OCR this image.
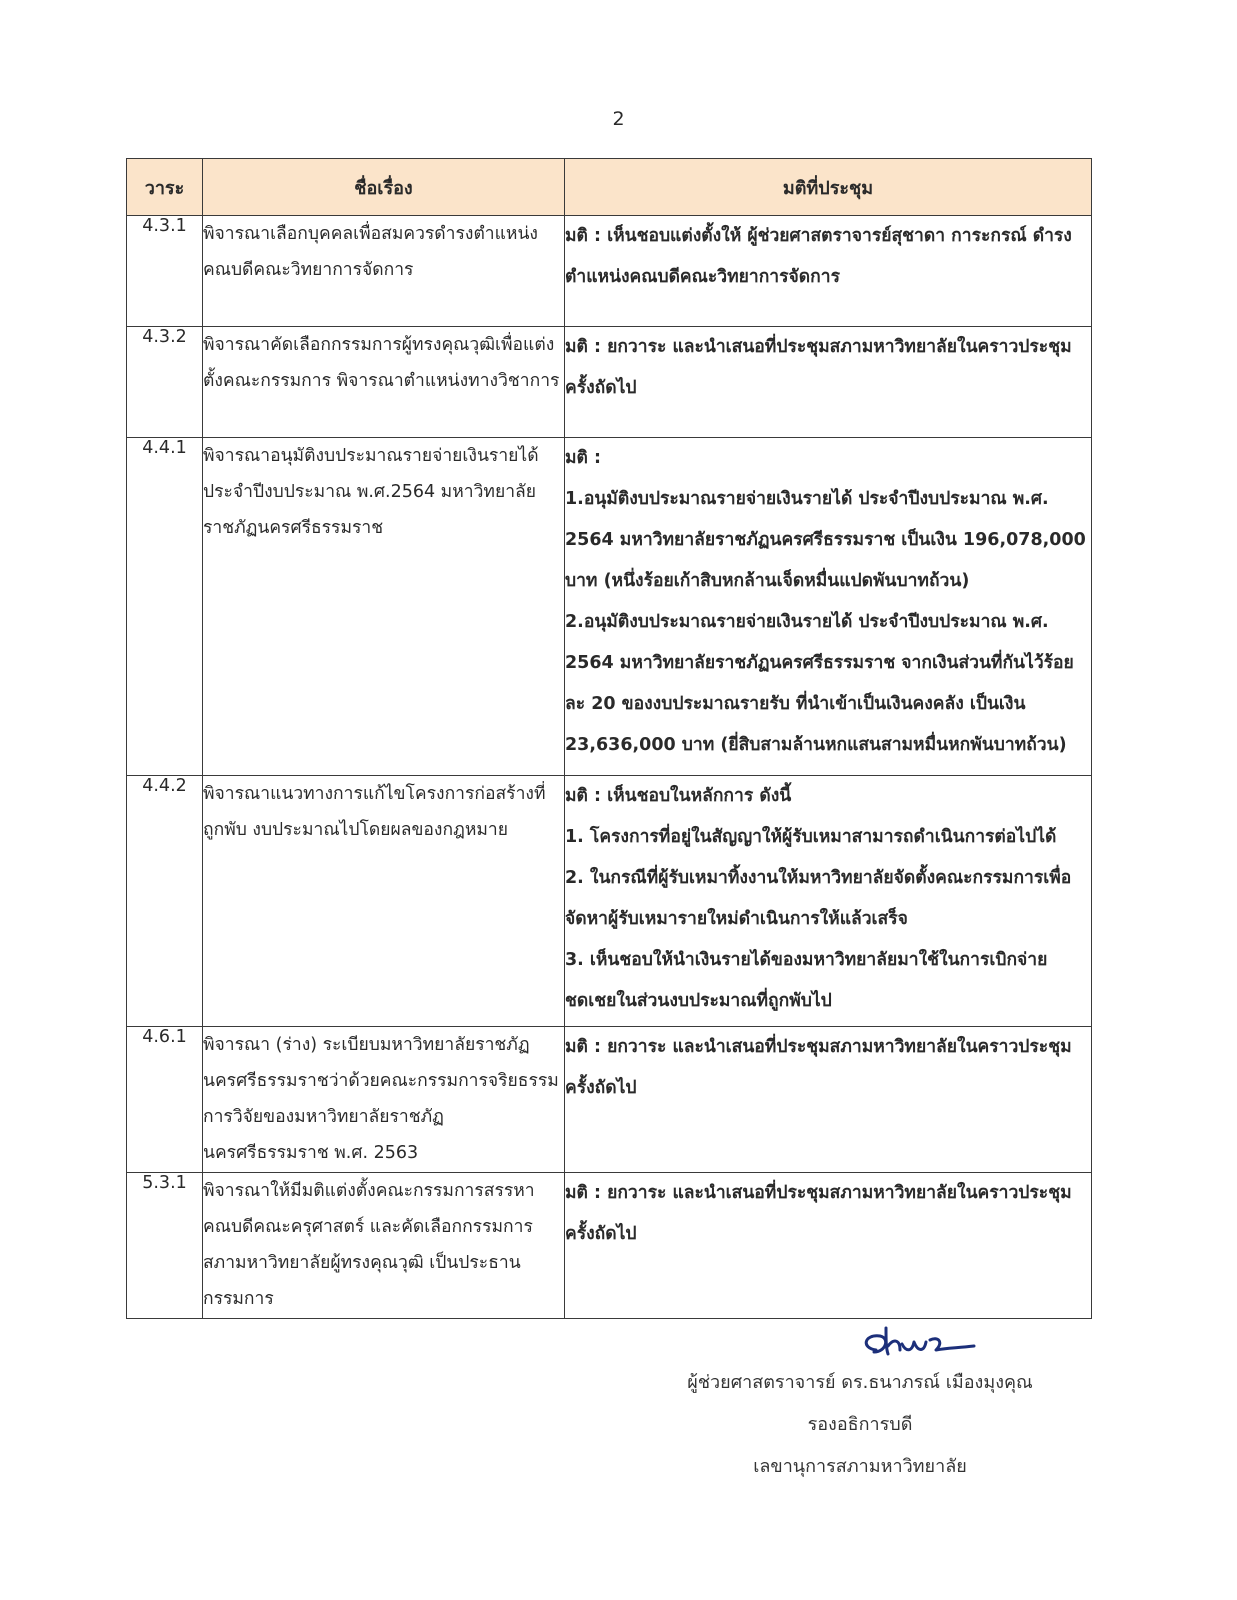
2
วาระ	ชื่อเรื่อง	มติที่ประชุม
4.3.1	พิจารณาเลือกบุคคลเพื่อสมควรดำรงตำแหน่งคณบดีคณะวิทยาการจัดการ	มติ : เห็นชอบแต่งตั้งให้ ผู้ช่วยศาสตราจารย์สุชาดา การะกรณ์ ดำรงตำแหน่งคณบดีคณะวิทยาการจัดการ

4.3.2	พิจารณาคัดเลือกกรรมการผู้ทรงคุณวุฒิเพื่อแต่งตั้งคณะกรรมการ พิจารณาตำแหน่งทางวิชาการ	มติ : ยกวาระ และนำเสนอที่ประชุมสภามหาวิทยาลัยในคราวประชุมครั้งถัดไป

4.4.1	พิจารณาอนุมัติงบประมาณรายจ่ายเงินรายได้ประจำปีงบประมาณ พ.ศ.2564 มหาวิทยาลัยราชภัฏนครศรีธรรมราช	มติ :
1.อนุมัติงบประมาณรายจ่ายเงินรายได้ ประจำปีงบประมาณ พ.ศ. 2564 มหาวิทยาลัยราชภัฏนครศรีธรรมราช เป็นเงิน 196,078,000 บาท (หนึ่งร้อยเก้าสิบหกล้านเจ็ดหมื่นแปดพันบาทถ้วน)
2.อนุมัติงบประมาณรายจ่ายเงินรายได้ ประจำปีงบประมาณ พ.ศ. 2564 มหาวิทยาลัยราชภัฏนครศรีธรรมราช จากเงินส่วนที่กันไว้ร้อยละ 20 ของงบประมาณรายรับ ที่นำเข้าเป็นเงินคงคลัง เป็นเงิน 23,636,000 บาท (ยี่สิบสามล้านหกแสนสามหมื่นหกพันบาทถ้วน)

4.4.2	พิจารณาแนวทางการแก้ไขโครงการก่อสร้างที่ถูกพับ งบประมาณไปโดยผลของกฎหมาย	มติ : เห็นชอบในหลักการ ดังนี้
1. โครงการที่อยู่ในสัญญาให้ผู้รับเหมาสามารถดำเนินการต่อไปได้
2. ในกรณีที่ผู้รับเหมาทิ้งงานให้มหาวิทยาลัยจัดตั้งคณะกรรมการเพื่อจัดหาผู้รับเหมารายใหม่ดำเนินการให้แล้วเสร็จ
3. เห็นชอบให้นำเงินรายได้ของมหาวิทยาลัยมาใช้ในการเบิกจ่ายชดเชยในส่วนงบประมาณที่ถูกพับไป

4.6.1	พิจารณา (ร่าง) ระเบียบมหาวิทยาลัยราชภัฏนครศรีธรรมราชว่าด้วยคณะกรรมการจริยธรรมการวิจัยของมหาวิทยาลัยราชภัฏนครศรีธรรมราช พ.ศ. 2563	มติ : ยกวาระ และนำเสนอที่ประชุมสภามหาวิทยาลัยในคราวประชุมครั้งถัดไป

5.3.1	พิจารณาให้มีมติแต่งตั้งคณะกรรมการสรรหาคณบดีคณะครุศาสตร์ และคัดเลือกกรรมการสภามหาวิทยาลัยผู้ทรงคุณวุฒิ เป็นประธานกรรมการ	มติ : ยกวาระ และนำเสนอที่ประชุมสภามหาวิทยาลัยในคราวประชุมครั้งถัดไป
ผู้ช่วยศาสตราจารย์ ดร.ธนาภรณ์ เมืองมุงคุณ
รองอธิการบดี
เลขานุการสภามหาวิทยาลัย
